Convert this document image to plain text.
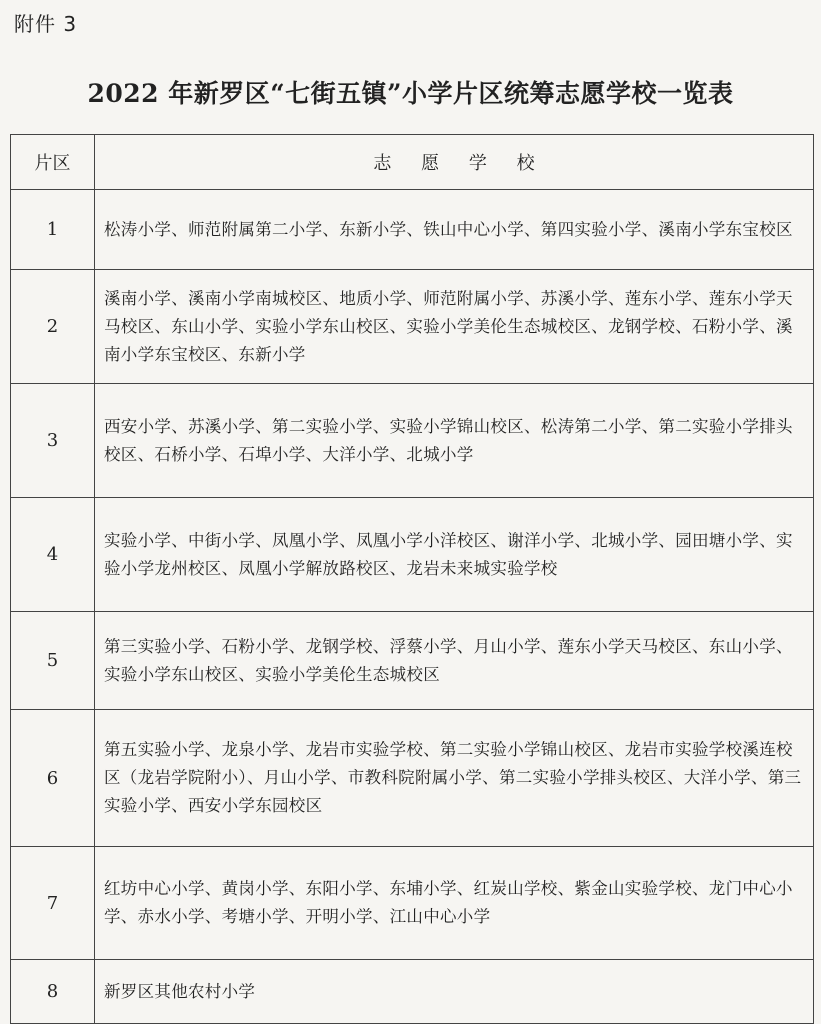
附件 3
2022 年新罗区“七街五镇”小学片区统筹志愿学校一览表
片区	志 愿 学 校
1	松涛小学、师范附属第二小学、东新小学、铁山中心小学、第四实验小学、溪南小学东宝校区
2	溪南小学、溪南小学南城校区、地质小学、师范附属小学、苏溪小学、莲东小学、莲东小学天马校区、东山小学、实验小学东山校区、实验小学美伦生态城校区、龙钢学校、石粉小学、溪南小学东宝校区、东新小学
3	西安小学、苏溪小学、第二实验小学、实验小学锦山校区、松涛第二小学、第二实验小学排头校区、石桥小学、石埠小学、大洋小学、北城小学
4	实验小学、中街小学、凤凰小学、凤凰小学小洋校区、谢洋小学、北城小学、园田塘小学、实验小学龙州校区、凤凰小学解放路校区、龙岩未来城实验学校
5	第三实验小学、石粉小学、龙钢学校、浮蔡小学、月山小学、莲东小学天马校区、东山小学、实验小学东山校区、实验小学美伦生态城校区
6	第五实验小学、龙泉小学、龙岩市实验学校、第二实验小学锦山校区、龙岩市实验学校溪连校区（龙岩学院附小）、月山小学、市教科院附属小学、第二实验小学排头校区、大洋小学、第三实验小学、西安小学东园校区
7	红坊中心小学、黄岗小学、东阳小学、东埔小学、红炭山学校、紫金山实验学校、龙门中心小学、赤水小学、考塘小学、开明小学、江山中心小学
8	新罗区其他农村小学
